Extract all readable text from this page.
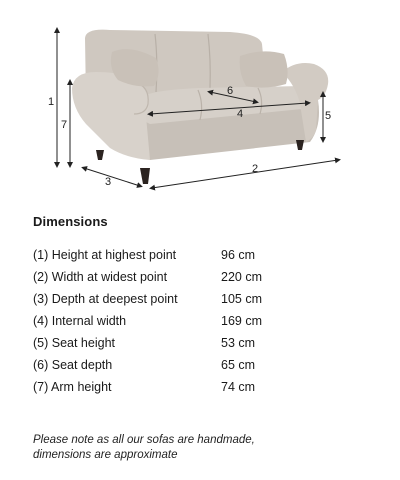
1
7
2
3
4	5
6
Dimensions
(1) Height at highest point	96 cm
(2) Width at widest point	220 cm
(3) Depth at deepest point	105 cm
(4) Internal width	169 cm
(5) Seat height	53 cm
(6) Seat depth	65 cm
(7) Arm height	74 cm
Please note as all our sofas are handmade,
dimensions are approximate
